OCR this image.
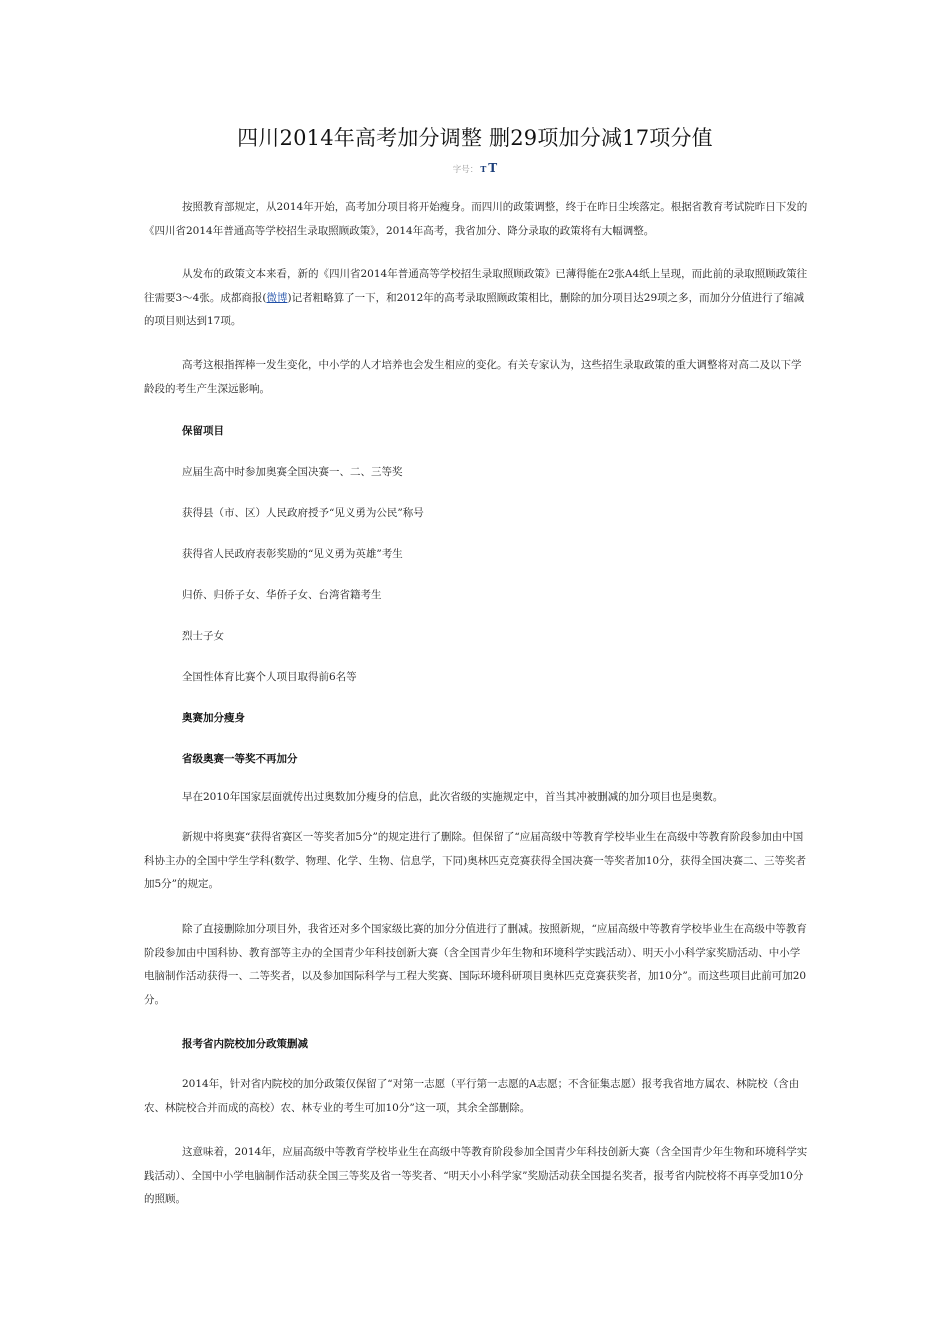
四川2014年高考加分调整 删29项加分减17项分值
字号： T T

按照教育部规定，从2014年开始，高考加分项目将开始瘦身。而四川的政策调整，终于在昨日尘埃落定。根据省教育考试院昨日下发的《四川省2014年普通高等学校招生录取照顾政策》，2014年高考，我省加分、降分录取的政策将有大幅调整。

从发布的政策文本来看，新的《四川省2014年普通高等学校招生录取照顾政策》已薄得能在2张A4纸上呈现，而此前的录取照顾政策往往需要3～4张。成都商报(微博)记者粗略算了一下，和2012年的高考录取照顾政策相比，删除的加分项目达29项之多，而加分分值进行了缩减的项目则达到17项。

高考这根指挥棒一发生变化，中小学的人才培养也会发生相应的变化。有关专家认为，这些招生录取政策的重大调整将对高二及以下学龄段的考生产生深远影响。

保留项目

应届生高中时参加奥赛全国决赛一、二、三等奖

获得县（市、区）人民政府授予“见义勇为公民”称号

获得省人民政府表彰奖励的“见义勇为英雄”考生

归侨、归侨子女、华侨子女、台湾省籍考生

烈士子女

全国性体育比赛个人项目取得前6名等

奥赛加分瘦身

省级奥赛一等奖不再加分

早在2010年国家层面就传出过奥数加分瘦身的信息，此次省级的实施规定中，首当其冲被删减的加分项目也是奥数。

新规中将奥赛“获得省赛区一等奖者加5分”的规定进行了删除。但保留了“应届高级中等教育学校毕业生在高级中等教育阶段参加由中国科协主办的全国中学生学科(数学、物理、化学、生物、信息学，下同)奥林匹克竞赛获得全国决赛一等奖者加10分，获得全国决赛二、三等奖者加5分”的规定。

除了直接删除加分项目外，我省还对多个国家级比赛的加分分值进行了删减。按照新规，“应届高级中等教育学校毕业生在高级中等教育阶段参加由中国科协、教育部等主办的全国青少年科技创新大赛（含全国青少年生物和环境科学实践活动）、明天小小科学家奖励活动、中小学电脑制作活动获得一、二等奖者，以及参加国际科学与工程大奖赛、国际环境科研项目奥林匹克竞赛获奖者，加10分”。而这些项目此前可加20分。

报考省内院校加分政策删减

2014年，针对省内院校的加分政策仅保留了“对第一志愿（平行第一志愿的A志愿；不含征集志愿）报考我省地方属农、林院校（含由农、林院校合并而成的高校）农、林专业的考生可加10分”这一项，其余全部删除。

这意味着，2014年，应届高级中等教育学校毕业生在高级中等教育阶段参加全国青少年科技创新大赛（含全国青少年生物和环境科学实践活动）、全国中小学电脑制作活动获全国三等奖及省一等奖者、“明天小小科学家”奖励活动获全国提名奖者，报考省内院校将不再享受加10分的照顾。
